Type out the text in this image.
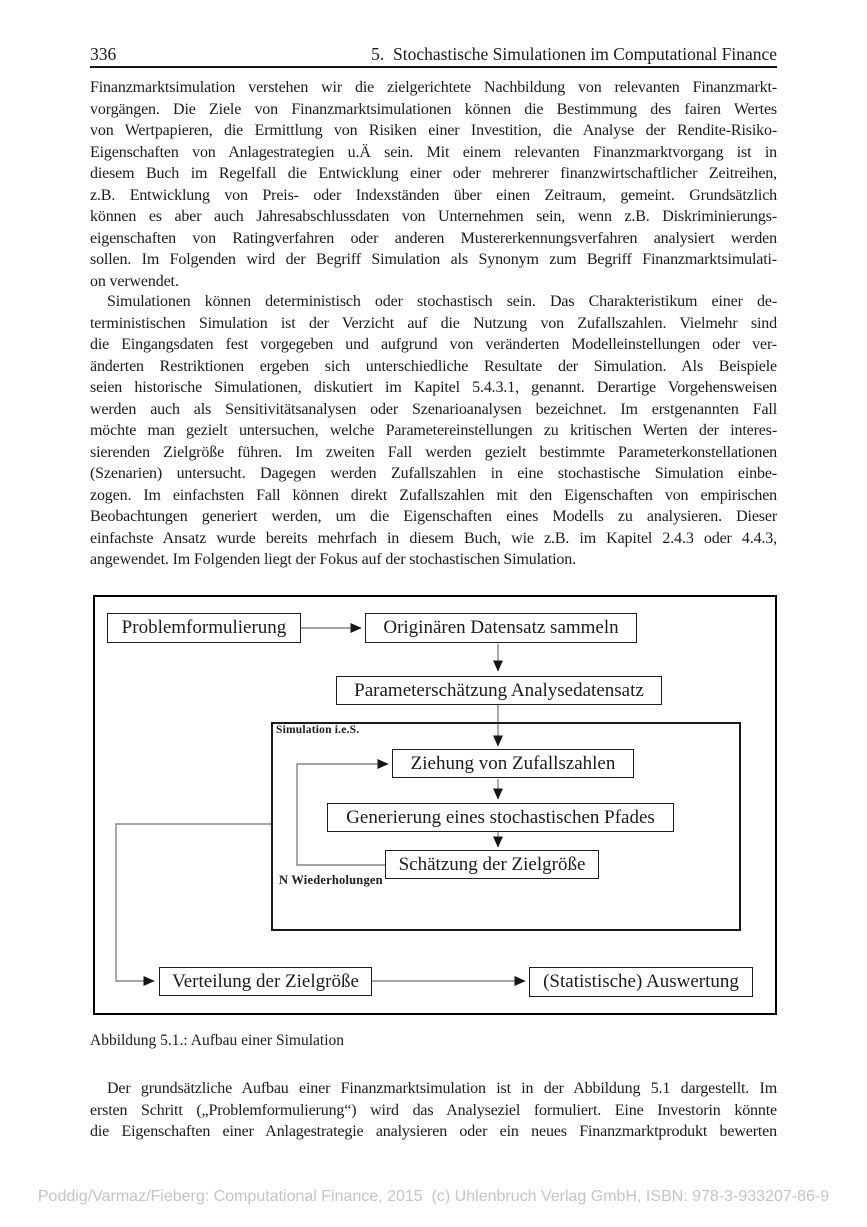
336	5.  Stochastische Simulationen im Computational Finance
Finanzmarktsimulation verstehen wir die zielgerichtete Nachbildung von relevanten Finanzmarkt-
vorgängen. Die Ziele von Finanzmarktsimulationen können die Bestimmung des fairen Wertes
von Wertpapieren, die Ermittlung von Risiken einer Investition, die Analyse der Rendite-Risiko-
Eigenschaften von Anlagestrategien u.Ä sein. Mit einem relevanten Finanzmarktvorgang ist in
diesem Buch im Regelfall die Entwicklung einer oder mehrerer finanzwirtschaftlicher Zeitreihen,
z.B. Entwicklung von Preis- oder Indexständen über einen Zeitraum, gemeint. Grundsätzlich
können es aber auch Jahresabschlussdaten von Unternehmen sein, wenn z.B. Diskriminierungs-
eigenschaften von Ratingverfahren oder anderen Mustererkennungsverfahren analysiert werden
sollen. Im Folgenden wird der Begriff Simulation als Synonym zum Begriff Finanzmarktsimulati-
on verwendet.
Simulationen können deterministisch oder stochastisch sein. Das Charakteristikum einer de-
terministischen Simulation ist der Verzicht auf die Nutzung von Zufallszahlen. Vielmehr sind
die Eingangsdaten fest vorgegeben und aufgrund von veränderten Modelleinstellungen oder ver-
änderten Restriktionen ergeben sich unterschiedliche Resultate der Simulation. Als Beispiele
seien historische Simulationen, diskutiert im Kapitel 5.4.3.1, genannt. Derartige Vorgehensweisen
werden auch als Sensitivitätsanalysen oder Szenarioanalysen bezeichnet. Im erstgenannten Fall
möchte man gezielt untersuchen, welche Parametereinstellungen zu kritischen Werten der interes-
sierenden Zielgröße führen. Im zweiten Fall werden gezielt bestimmte Parameterkonstellationen
(Szenarien) untersucht. Dagegen werden Zufallszahlen in eine stochastische Simulation einbe-
zogen. Im einfachsten Fall können direkt Zufallszahlen mit den Eigenschaften von empirischen
Beobachtungen generiert werden, um die Eigenschaften eines Modells zu analysieren. Dieser
einfachste Ansatz wurde bereits mehrfach in diesem Buch, wie z.B. im Kapitel 2.4.3 oder 4.4.3,
angewendet. Im Folgenden liegt der Fokus auf der stochastischen Simulation.
Simulation i.e.S.
N Wiederholungen
Problemformulierung	Originären Datensatz sammeln
Parameterschätzung Analysedatensatz
Ziehung von Zufallszahlen
Generierung eines stochastischen Pfades
Schätzung der Zielgröße
Verteilung der Zielgröße	(Statistische) Auswertung
Abbildung 5.1.: Aufbau einer Simulation
Der grundsätzliche Aufbau einer Finanzmarktsimulation ist in der Abbildung 5.1 dargestellt. Im
ersten Schritt („Problemformulierung“) wird das Analyseziel formuliert. Eine Investorin könnte
die Eigenschaften einer Anlagestrategie analysieren oder ein neues Finanzmarktprodukt bewerten
Poddig/Varmaz/Fieberg: Computational Finance, 2015  (c) Uhlenbruch Verlag GmbH, ISBN: 978-3-933207-86-9
